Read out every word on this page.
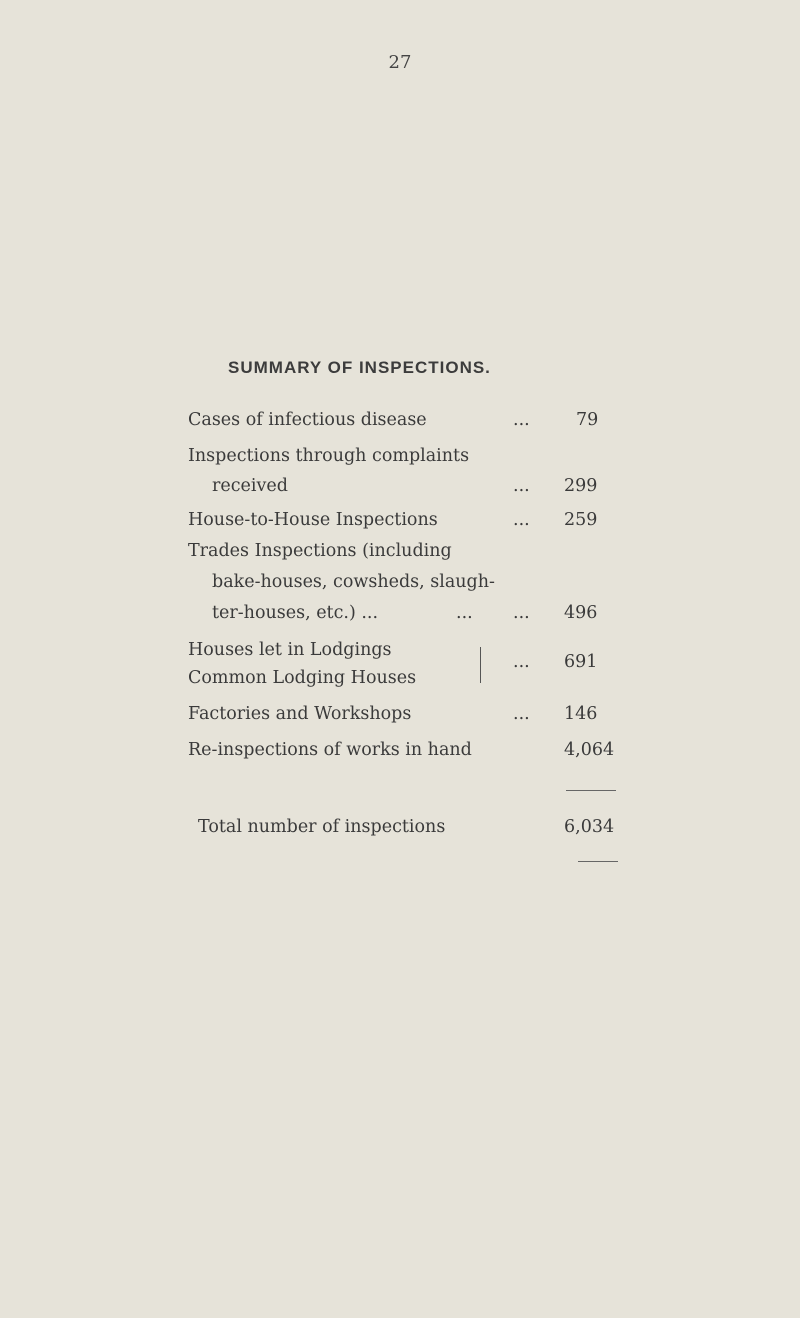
27
SUMMARY OF INSPECTIONS.
Cases of infectious disease	...	79
Inspections through complaints
received	... 299
House-to-House Inspections	... 259
Trades Inspections (including
bake-houses, cowsheds, slaugh-
ter-houses, etc.) ...	... ... 496
Houses let in Lodgings
Common Lodging Houses
... 691
Factories and Workshops	... 146
Re-inspections of works in hand	4,064
Total number of inspections	6,034
